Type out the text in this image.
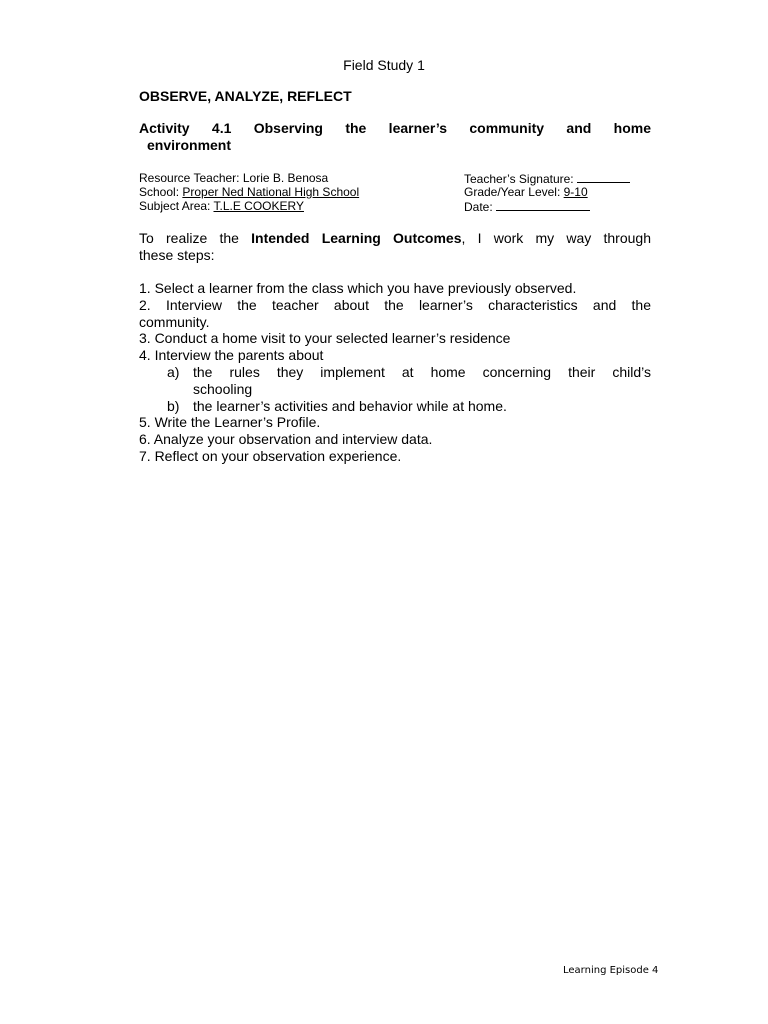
Field Study 1
OBSERVE, ANALYZE, REFLECT
Activity 4.1 Observing the learner’s community and home
environment
Resource Teacher: Lorie B. Benosa	Teacher’s Signature:
School: Proper Ned National High School	Grade/Year Level: 9-10
Subject Area: T.L.E COOKERY	Date:
To realize the Intended Learning Outcomes, I work my way through
these steps:
1. Select a learner from the class which you have previously observed.
2. Interview the teacher about the learner’s characteristics and the
community.
3. Conduct a home visit to your selected learner’s residence
4. Interview the parents about
a) the rules they implement at home concerning their child’s
schooling
b) the learner’s activities and behavior while at home.
5. Write the Learner’s Profile.
6. Analyze your observation and interview data.
7. Reflect on your observation experience.
Learning Episode 4
